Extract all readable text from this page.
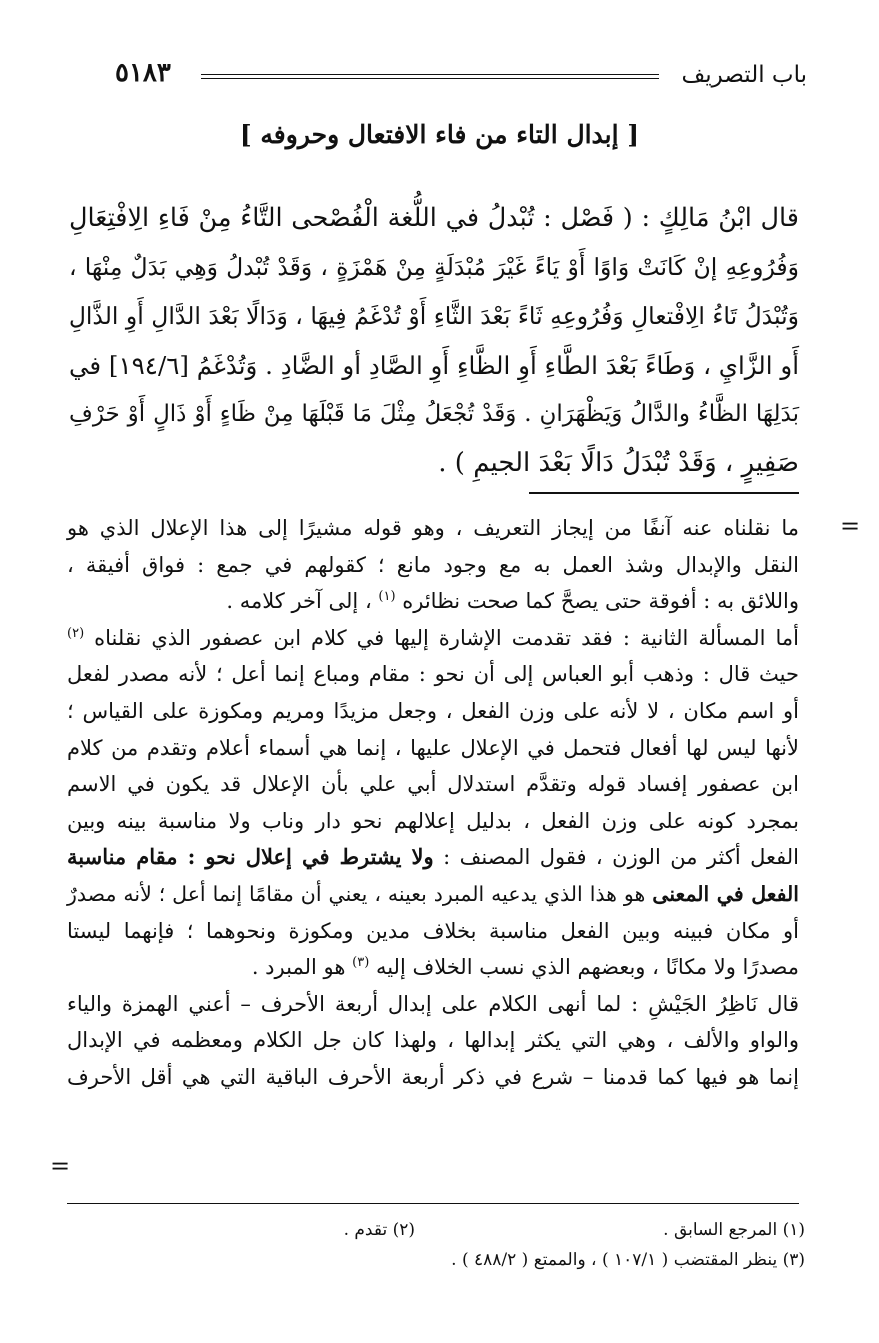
باب التصريف
٥١٨٣
[ إبدال التاء من فاء الافتعال وحروفه ]
قال ابْنُ مَالِكٍ : ( فَصْل : تُبْدلُ في اللُّغة الْفُصْحى التَّاءُ مِنْ فَاءِ الِافْتِعَالِ
وَفُرُوعِهِ إنْ كَانَتْ وَاوًا أَوْ يَاءً غَيْرَ مُبْدَلَةٍ مِنْ هَمْزَةٍ ، وَقَدْ تُبْدلُ وَهِي بَدَلٌ مِنْهَا ،
وَتُبْدَلُ تَاءُ الِافْتعالِ وَفُرُوعِهِ ثَاءً بَعْدَ الثَّاءِ أَوْ تُدْغَمُ فِيهَا ، وَدَالًا بَعْدَ الدَّالِ أَوِ الذَّالِ
أَو الزَّايِ ، وَطَاءً بَعْدَ الطَّاءِ أَوِ الظَّاءِ أَوِ الصَّادِ أو الضَّادِ . وَتُدْغَمُ [١٩٤/٦] في
بَدَلِهَا الظَّاءُ والدَّالُ وَيَظْهَرَانِ . وَقَدْ تُجْعَلُ مِثْلَ مَا قَبْلَهَا مِنْ ظَاءٍ أَوْ ذَالٍ أَوْ حَرْفِ
صَفِيرٍ ، وَقَدْ تُبْدَلُ دَالًا بَعْدَ الجيمِ ) .
=
ما نقلناه عنه آنفًا من إيجاز التعريف ، وهو قوله مشيرًا إلى هذا الإعلال الذي هو
النقل والإبدال وشذ العمل به مع وجود مانع ؛ كقولهم في جمع : فواق أفيقة ،
واللائق به : أفوقة حتى يصحَّ كما صحت نظائره $^{(١)}$ ، إلى آخر كلامه .
أما المسألة الثانية : فقد تقدمت الإشارة إليها في كلام ابن عصفور الذي نقلناه $^{(٢)}$
حيث قال : وذهب أبو العباس إلى أن نحو : مقام ومباع إنما أعل ؛ لأنه مصدر لفعل
أو اسم مكان ، لا لأنه على وزن الفعل ، وجعل مزيدًا ومريم ومكوزة على القياس ؛
لأنها ليس لها أفعال فتحمل في الإعلال عليها ، إنما هي أسماء أعلام وتقدم من كلام
ابن عصفور إفساد قوله وتقدَّم استدلال أبي علي بأن الإعلال قد يكون في الاسم
بمجرد كونه على وزن الفعل ، بدليل إعلالهم نحو دار وناب ولا مناسبة بينه وبين
الفعل أكثر من الوزن ، فقول المصنف : ولا يشترط في إعلال نحو : مقام مناسبة
الفعل في المعنى هو هذا الذي يدعيه المبرد بعينه ، يعني أن مقامًا إنما أعل ؛ لأنه مصدرٌ
أو مكان فبينه وبين الفعل مناسبة بخلاف مدين ومكوزة ونحوهما ؛ فإنهما ليستا
مصدرًا ولا مكانًا ، وبعضهم الذي نسب الخلاف إليه $^{(٣)}$ هو المبرد .
قال نَاظِرُ الجَيْشِ : لما أنهى الكلام على إبدال أربعة الأحرف – أعني الهمزة والياء
والواو والألف ، وهي التي يكثر إبدالها ، ولهذا كان جل الكلام ومعظمه في الإبدال
إنما هو فيها كما قدمنا – شرع في ذكر أربعة الأحرف الباقية التي هي أقل الأحرف
=
(١) المرجع السابق .
(٢) تقدم .
(٣) ينظر المقتضب ( ١٠٧/١ ) ، والممتع ( ٤٨٨/٢ ) .
